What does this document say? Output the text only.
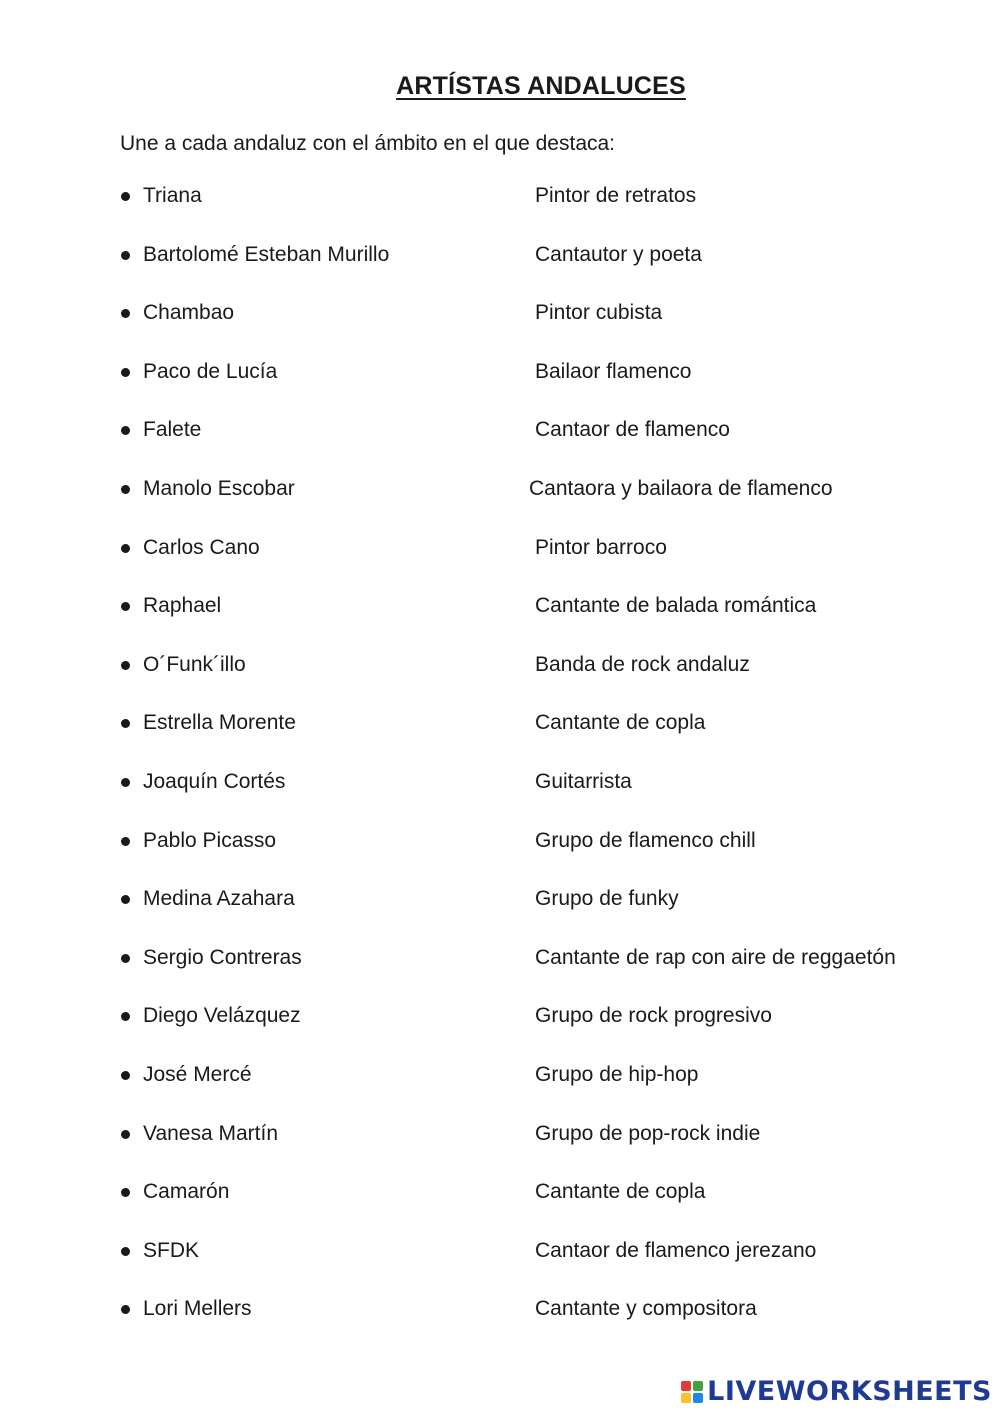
ARTÍSTAS ANDALUCES
Une a cada andaluz con el ámbito en el que destaca:
Triana	Pintor de retratos
Bartolomé Esteban Murillo	Cantautor y poeta
Chambao	Pintor cubista
Paco de Lucía	Bailaor flamenco
Falete	Cantaor de flamenco
Manolo Escobar	Cantaora y bailaora de flamenco
Carlos Cano	Pintor barroco
Raphael	Cantante de balada romántica
O´Funk´illo	Banda de rock andaluz
Estrella Morente	Cantante de copla
Joaquín Cortés	Guitarrista
Pablo Picasso	Grupo de flamenco chill
Medina Azahara	Grupo de funky
Sergio Contreras	Cantante de rap con aire de reggaetón
Diego Velázquez	Grupo de rock progresivo
José Mercé	Grupo de hip-hop
Vanesa Martín	Grupo de pop-rock indie
Camarón	Cantante de copla
SFDK	Cantaor de flamenco jerezano
Lori Mellers	Cantante y compositora
LIVEWORKSHEETS
